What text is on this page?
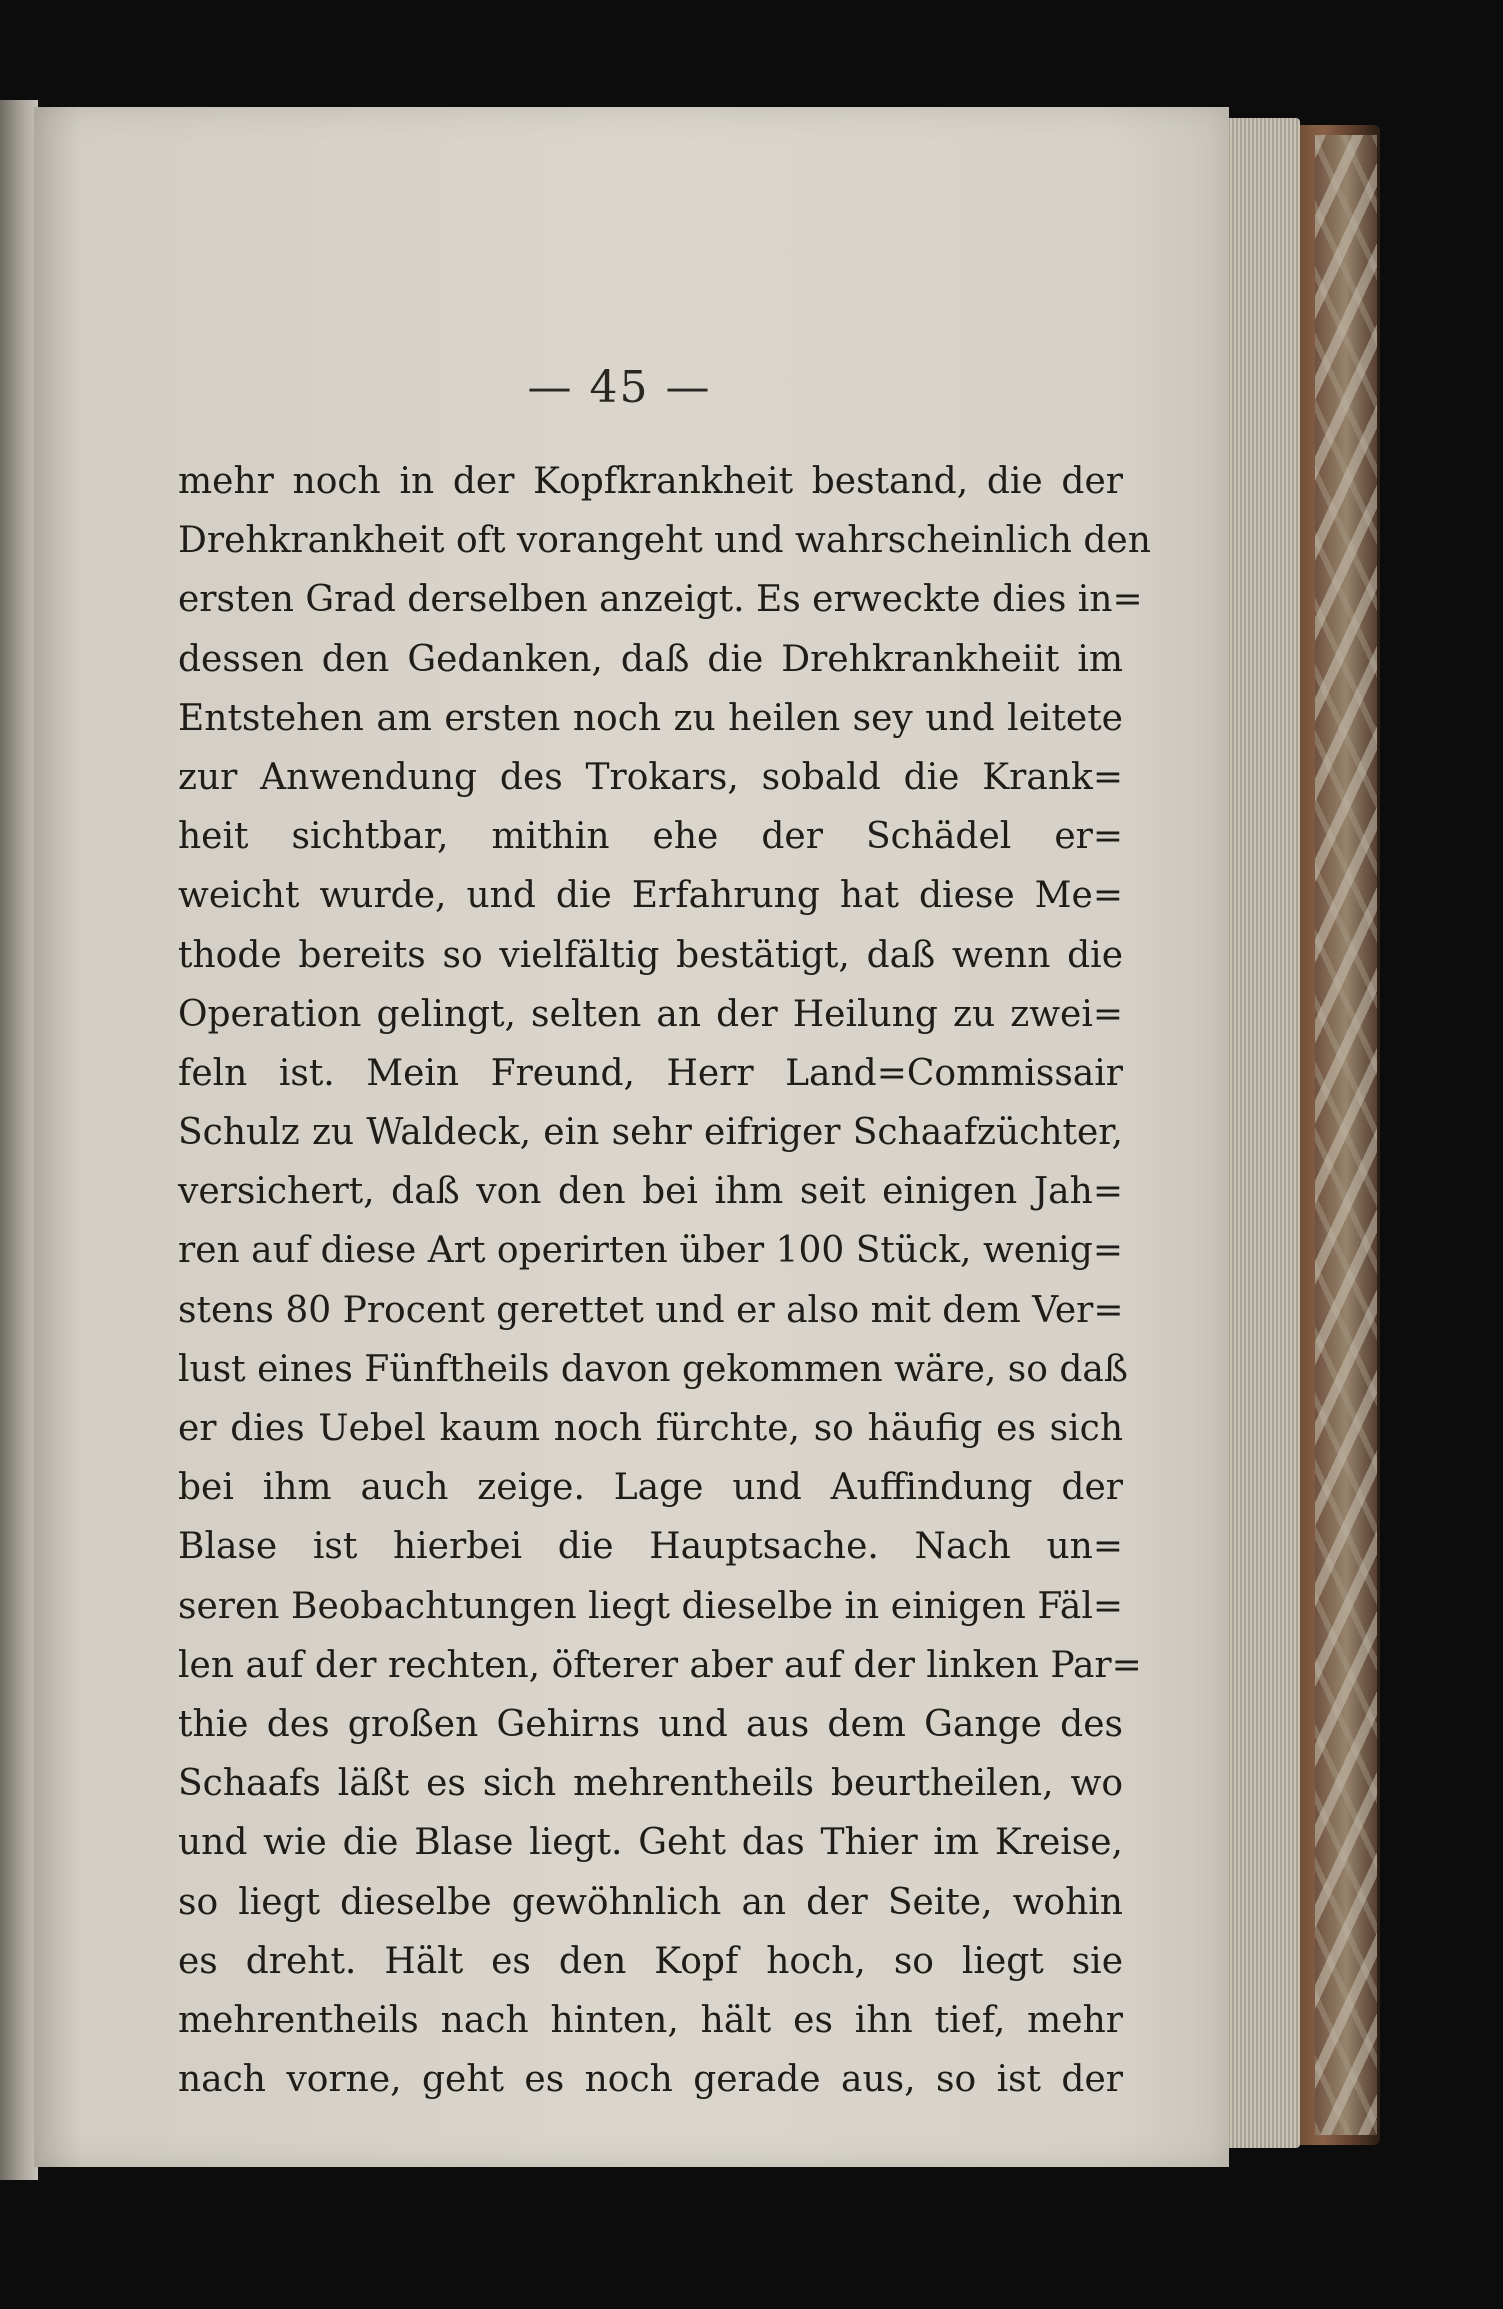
— 45 —
mehr noch in der Kopfkrankheit bestand, die der
Drehkrankheit oft vorangeht und wahrscheinlich den
ersten Grad derselben anzeigt. Es erweckte dies in=
dessen den Gedanken, daß die Drehkrankheiit im
Entstehen am ersten noch zu heilen sey und leitete
zur Anwendung des Trokars, sobald die Krank=
heit sichtbar, mithin ehe der Schädel er=
weicht wurde, und die Erfahrung hat diese Me=
thode bereits so vielfältig bestätigt, daß wenn die
Operation gelingt, selten an der Heilung zu zwei=
feln ist. Mein Freund, Herr Land=Commissair
Schulz zu Waldeck, ein sehr eifriger Schaafzüchter,
versichert, daß von den bei ihm seit einigen Jah=
ren auf diese Art operirten über 100 Stück, wenig=
stens 80 Procent gerettet und er also mit dem Ver=
lust eines Fünftheils davon gekommen wäre, so daß
er dies Uebel kaum noch fürchte, so häufig es sich
bei ihm auch zeige. Lage und Auffindung der
Blase ist hierbei die Hauptsache. Nach un=
seren Beobachtungen liegt dieselbe in einigen Fäl=
len auf der rechten, öfterer aber auf der linken Par=
thie des großen Gehirns und aus dem Gange des
Schaafs läßt es sich mehrentheils beurtheilen, wo
und wie die Blase liegt. Geht das Thier im Kreise,
so liegt dieselbe gewöhnlich an der Seite, wohin
es dreht. Hält es den Kopf hoch, so liegt sie
mehrentheils nach hinten, hält es ihn tief, mehr
nach vorne, geht es noch gerade aus, so ist der
